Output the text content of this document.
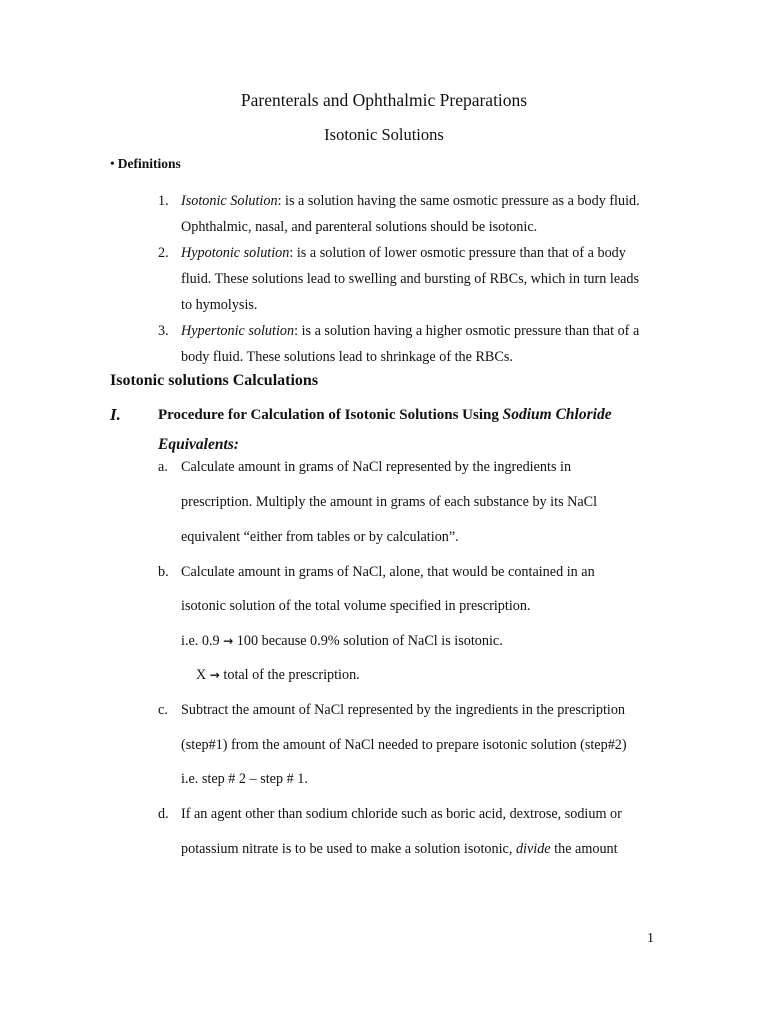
Parenterals and Ophthalmic Preparations
Isotonic Solutions
• Definitions

1. Isotonic Solution: is a solution having the same osmotic pressure as a body fluid. Ophthalmic, nasal, and parenteral solutions should be isotonic.

2. Hypotonic solution: is a solution of lower osmotic pressure than that of a body fluid. These solutions lead to swelling and bursting of RBCs, which in turn leads to hymolysis.

3. Hypertonic solution: is a solution having a higher osmotic pressure than that of a body fluid. These solutions lead to shrinkage of the RBCs.

Isotonic solutions Calculations
I. Procedure for Calculation of Isotonic Solutions Using Sodium Chloride Equivalents:
a. Calculate amount in grams of NaCl represented by the ingredients in
prescription. Multiply the amount in grams of each substance by its NaCl
equivalent “either from tables or by calculation”.
b. Calculate amount in grams of NaCl, alone, that would be contained in an
isotonic solution of the total volume specified in prescription.
i.e. 0.9 → 100 because 0.9% solution of NaCl is isotonic.
X → total of the prescription.
c. Subtract the amount of NaCl represented by the ingredients in the prescription
(step#1) from the amount of NaCl needed to prepare isotonic solution (step#2)
i.e. step # 2 – step # 1.
d. If an agent other than sodium chloride such as boric acid, dextrose, sodium or
potassium nitrate is to be used to make a solution isotonic, divide the amount
1
